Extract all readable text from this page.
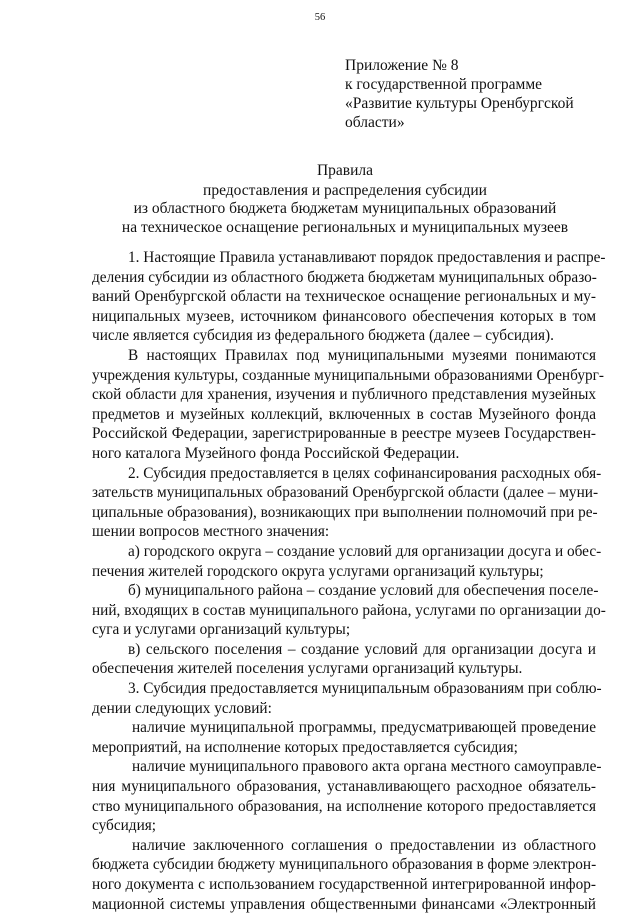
56
Приложение № 8
к государственной программе
«Развитие культуры Оренбургской
области»
Правила
предоставления и распределения субсидии
из областного бюджета бюджетам муниципальных образований
на техническое оснащение региональных и муниципальных музеев
1. Настоящие Правила устанавливают порядок предоставления и распре-
деления субсидии из областного бюджета бюджетам муниципальных образо-
ваний Оренбургской области на техническое оснащение региональных и му-
ниципальных музеев, источником финансового обеспечения которых в том
числе является субсидия из федерального бюджета (далее – субсидия).
В настоящих Правилах под муниципальными музеями понимаются
учреждения культуры, созданные муниципальными образованиями Оренбург-
ской области для хранения, изучения и публичного представления музейных
предметов и музейных коллекций, включенных в состав Музейного фонда
Российской Федерации, зарегистрированные в реестре музеев Государствен-
ного каталога Музейного фонда Российской Федерации.
2. Субсидия предоставляется в целях софинансирования расходных обя-
зательств муниципальных образований Оренбургской области (далее – муни-
ципальные образования), возникающих при выполнении полномочий при ре-
шении вопросов местного значения:
а) городского округа – создание условий для организации досуга и обес-
печения жителей городского округа услугами организаций культуры;
б) муниципального района – создание условий для обеспечения поселе-
ний, входящих в состав муниципального района, услугами по организации до-
суга и услугами организаций культуры;
в) сельского поселения – создание условий для организации досуга и
обеспечения жителей поселения услугами организаций культуры.
3. Субсидия предоставляется муниципальным образованиям при соблю-
дении следующих условий:
наличие муниципальной программы, предусматривающей проведение
мероприятий, на исполнение которых предоставляется субсидия;
наличие муниципального правового акта органа местного самоуправле-
ния муниципального образования, устанавливающего расходное обязатель-
ство муниципального образования, на исполнение которого предоставляется
субсидия;
наличие заключенного соглашения о предоставлении из областного
бюджета субсидии бюджету муниципального образования в форме электрон-
ного документа с использованием государственной интегрированной инфор-
мационной системы управления общественными финансами «Электронный
